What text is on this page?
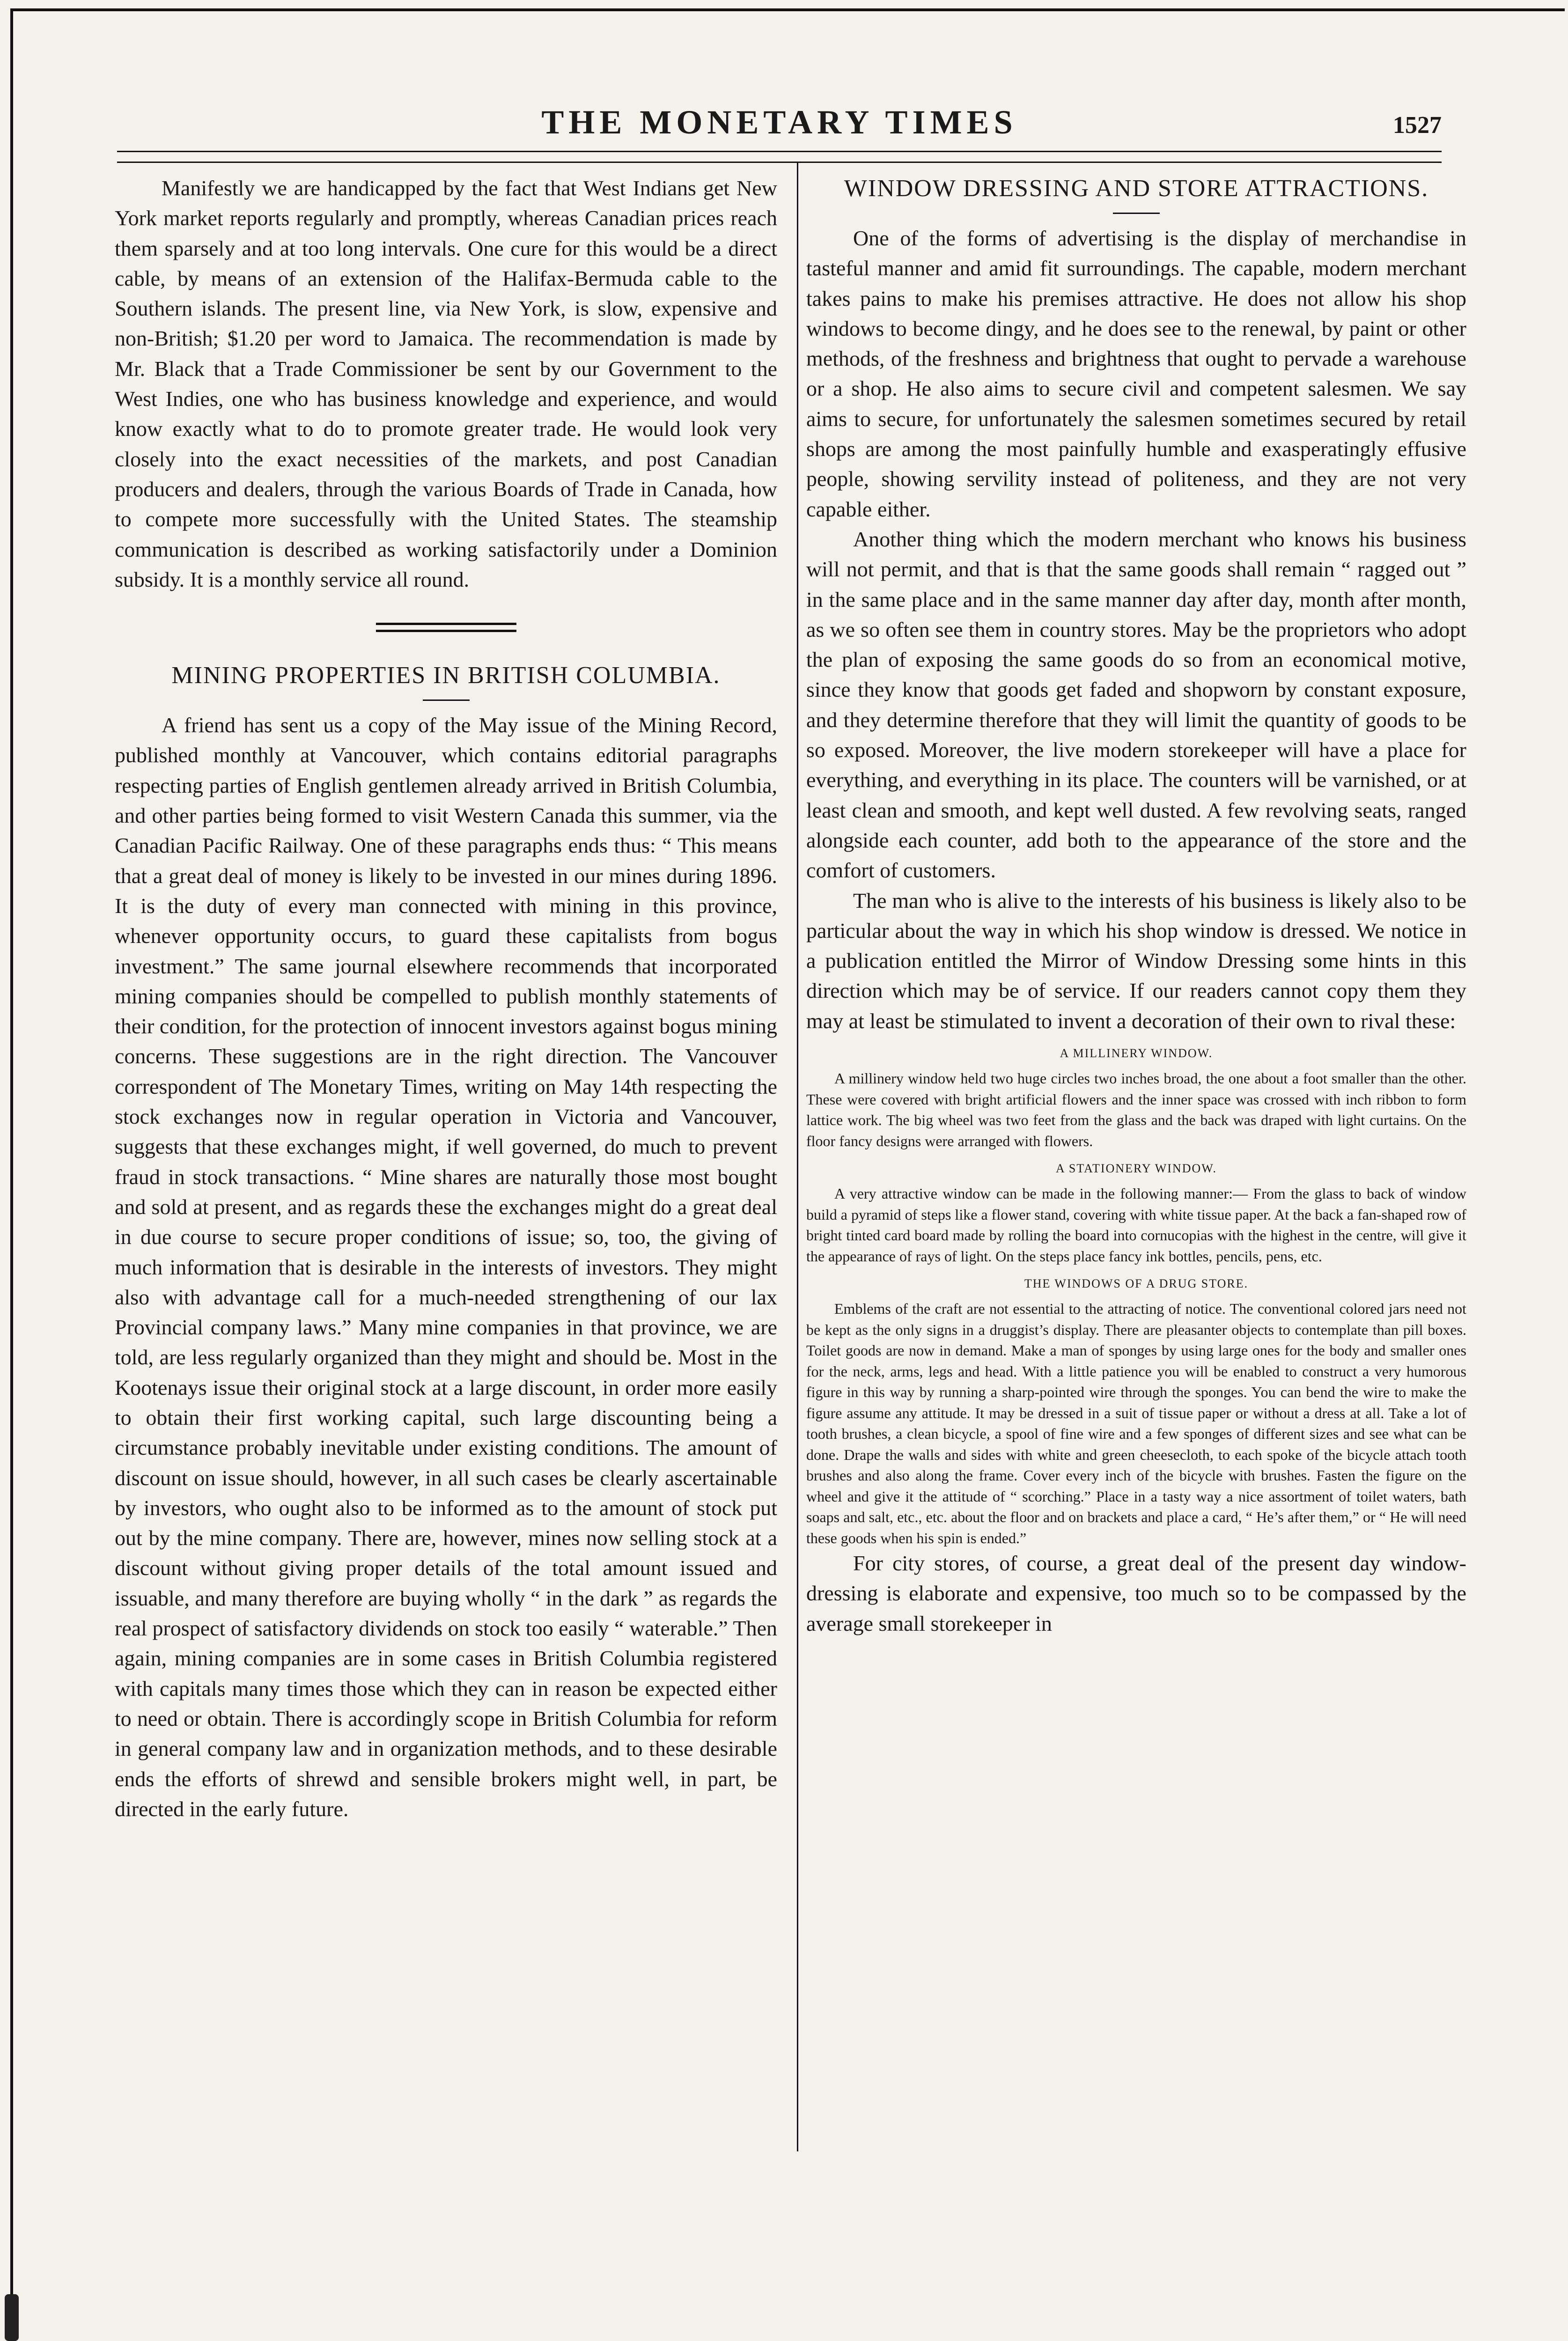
THE MONETARY TIMES	1527

Manifestly we are handicapped by the fact that West Indians get New York market reports regularly and promptly, whereas Canadian prices reach them sparsely and at too long intervals. One cure for this would be a direct cable, by means of an extension of the Halifax-Bermuda cable to the Southern islands. The present line, via New York, is slow, expensive and non-British; $1.20 per word to Jamaica. The recommendation is made by Mr. Black that a Trade Commissioner be sent by our Government to the West Indies, one who has business knowledge and experience, and would know exactly what to do to promote greater trade. He would look very closely into the exact necessities of the markets, and post Canadian producers and dealers, through the various Boards of Trade in Canada, how to compete more successfully with the United States. The steamship communication is described as working satisfactorily under a Dominion subsidy. It is a monthly service all round.

MINING PROPERTIES IN BRITISH COLUMBIA.

A friend has sent us a copy of the May issue of the Mining Record, published monthly at Vancouver, which contains editorial paragraphs respecting parties of English gentlemen already arrived in British Columbia, and other parties being formed to visit Western Canada this summer, via the Canadian Pacific Railway. One of these paragraphs ends thus: “ This means that a great deal of money is likely to be invested in our mines during 1896. It is the duty of every man connected with mining in this province, whenever opportunity occurs, to guard these capitalists from bogus investment.” The same journal elsewhere recommends that incorporated mining companies should be compelled to publish monthly statements of their condition, for the protection of innocent investors against bogus mining concerns. These suggestions are in the right direction. The Vancouver correspondent of The Monetary Times, writing on May 14th respecting the stock exchanges now in regular operation in Victoria and Vancouver, suggests that these exchanges might, if well governed, do much to prevent fraud in stock transactions. “ Mine shares are naturally those most bought and sold at present, and as regards these the exchanges might do a great deal in due course to secure proper conditions of issue; so, too, the giving of much information that is desirable in the interests of investors. They might also with advantage call for a much-needed strengthening of our lax Provincial company laws.” Many mine companies in that province, we are told, are less regularly organized than they might and should be. Most in the Kootenays issue their original stock at a large discount, in order more easily to obtain their first working capital, such large discounting being a circumstance probably inevitable under existing conditions. The amount of discount on issue should, however, in all such cases be clearly ascertainable by investors, who ought also to be informed as to the amount of stock put out by the mine company. There are, however, mines now selling stock at a discount without giving proper details of the total amount issued and issuable, and many therefore are buying wholly “ in the dark ” as regards the real prospect of satisfactory dividends on stock too easily “ waterable.” Then again, mining companies are in some cases in British Columbia registered with capitals many times those which they can in reason be expected either to need or obtain. There is accordingly scope in British Columbia for reform in general company law and in organization methods, and to these desirable ends the efforts of shrewd and sensible brokers might well, in part, be directed in the early future.

WINDOW DRESSING AND STORE ATTRACTIONS.

One of the forms of advertising is the display of merchandise in tasteful manner and amid fit surroundings. The capable, modern merchant takes pains to make his premises attractive. He does not allow his shop windows to become dingy, and he does see to the renewal, by paint or other methods, of the freshness and brightness that ought to pervade a warehouse or a shop. He also aims to secure civil and competent salesmen. We say aims to secure, for unfortunately the salesmen sometimes secured by retail shops are among the most painfully humble and exasperatingly effusive people, showing servility instead of politeness, and they are not very capable either.

Another thing which the modern merchant who knows his business will not permit, and that is that the same goods shall remain “ ragged out ” in the same place and in the same manner day after day, month after month, as we so often see them in country stores. May be the proprietors who adopt the plan of exposing the same goods do so from an economical motive, since they know that goods get faded and shopworn by constant exposure, and they determine therefore that they will limit the quantity of goods to be so exposed. Moreover, the live modern storekeeper will have a place for everything, and everything in its place. The counters will be varnished, or at least clean and smooth, and kept well dusted. A few revolving seats, ranged alongside each counter, add both to the appearance of the store and the comfort of customers.

The man who is alive to the interests of his business is likely also to be particular about the way in which his shop window is dressed. We notice in a publication entitled the Mirror of Window Dressing some hints in this direction which may be of service. If our readers cannot copy them they may at least be stimulated to invent a decoration of their own to rival these:

A MILLINERY WINDOW.

A millinery window held two huge circles two inches broad, the one about a foot smaller than the other. These were covered with bright artificial flowers and the inner space was crossed with inch ribbon to form lattice work. The big wheel was two feet from the glass and the back was draped with light curtains. On the floor fancy designs were arranged with flowers.

A STATIONERY WINDOW.

A very attractive window can be made in the following manner:— From the glass to back of window build a pyramid of steps like a flower stand, covering with white tissue paper. At the back a fan-shaped row of bright tinted card board made by rolling the board into cornucopias with the highest in the centre, will give it the appearance of rays of light. On the steps place fancy ink bottles, pencils, pens, etc.

THE WINDOWS OF A DRUG STORE.

Emblems of the craft are not essential to the attracting of notice. The conventional colored jars need not be kept as the only signs in a druggist’s display. There are pleasanter objects to contemplate than pill boxes. Toilet goods are now in demand. Make a man of sponges by using large ones for the body and smaller ones for the neck, arms, legs and head. With a little patience you will be enabled to construct a very humorous figure in this way by running a sharp-pointed wire through the sponges. You can bend the wire to make the figure assume any attitude. It may be dressed in a suit of tissue paper or without a dress at all. Take a lot of tooth brushes, a clean bicycle, a spool of fine wire and a few sponges of different sizes and see what can be done. Drape the walls and sides with white and green cheesecloth, to each spoke of the bicycle attach tooth brushes and also along the frame. Cover every inch of the bicycle with brushes. Fasten the figure on the wheel and give it the attitude of “ scorching.” Place in a tasty way a nice assortment of toilet waters, bath soaps and salt, etc., etc. about the floor and on brackets and place a card, “ He’s after them,” or “ He will need these goods when his spin is ended.”

For city stores, of course, a great deal of the present day window-dressing is elaborate and expensive, too much so to be compassed by the average small storekeeper in
